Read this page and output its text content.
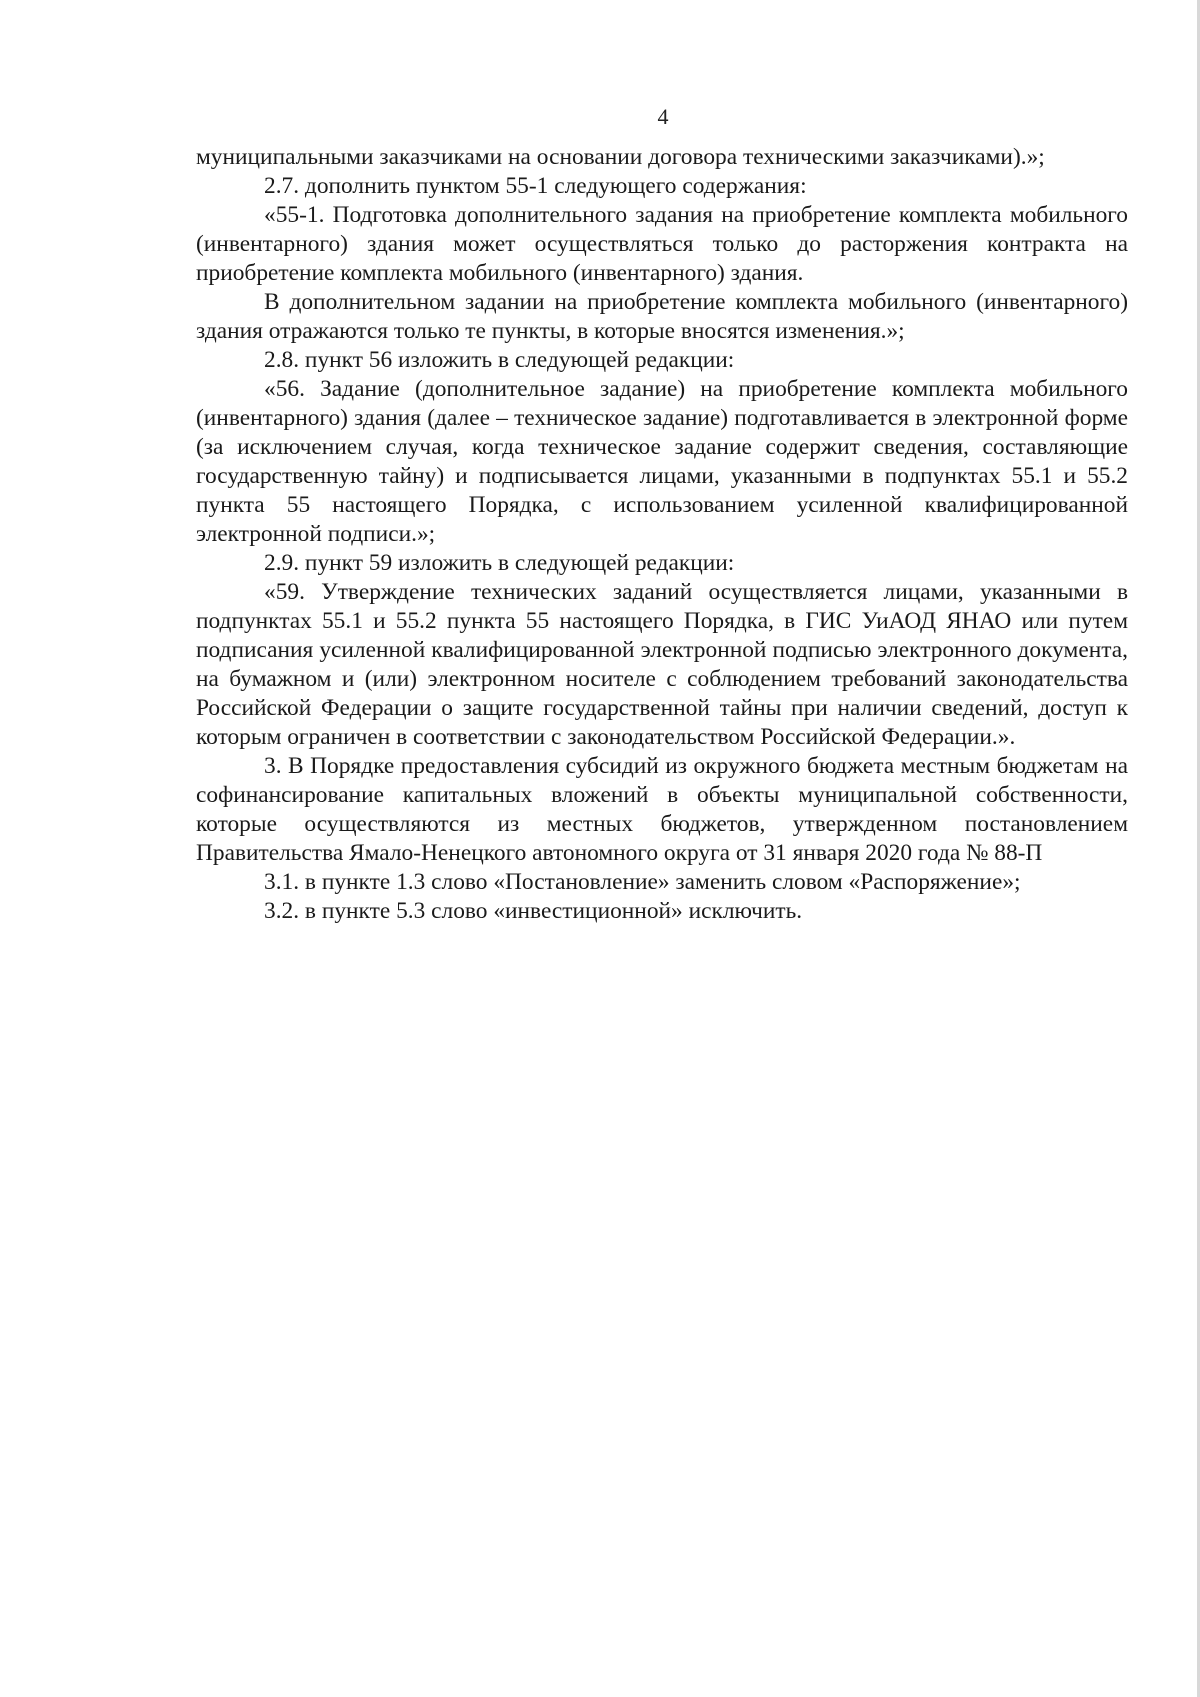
4

муниципальными заказчиками на основании договора техническими заказчиками).»;

2.7. дополнить пунктом 55-1 следующего содержания:

«55-1. Подготовка дополнительного задания на приобретение комплекта мобильного (инвентарного) здания может осуществляться только до расторжения контракта на приобретение комплекта мобильного (инвентарного) здания.

В дополнительном задании на приобретение комплекта мобильного (инвентарного) здания отражаются только те пункты, в которые вносятся изменения.»;

2.8. пункт 56 изложить в следующей редакции:

«56. Задание (дополнительное задание) на приобретение комплекта мобильного (инвентарного) здания (далее – техническое задание) подготавливается в электронной форме (за исключением случая, когда техническое задание содержит сведения, составляющие государственную тайну) и подписывается лицами, указанными в подпунктах 55.1 и 55.2 пункта 55 настоящего Порядка, с использованием усиленной квалифицированной электронной подписи.»;

2.9. пункт 59 изложить в следующей редакции:

«59. Утверждение технических заданий осуществляется лицами, указанными в подпунктах 55.1 и 55.2 пункта 55 настоящего Порядка, в ГИС УиАОД ЯНАО или путем подписания усиленной квалифицированной электронной подписью электронного документа, на бумажном и (или) электронном носителе с соблюдением требований законодательства Российской Федерации о защите государственной тайны при наличии сведений, доступ к которым ограничен в соответствии с законодательством Российской Федерации.».

3. В Порядке предоставления субсидий из окружного бюджета местным бюджетам на софинансирование капитальных вложений в объекты муниципальной собственности, которые осуществляются из местных бюджетов, утвержденном постановлением Правительства Ямало-Ненецкого автономного округа от 31 января 2020 года № 88-П

3.1. в пункте 1.3 слово «Постановление» заменить словом «Распоряжение»;

3.2. в пункте 5.3 слово «инвестиционной» исключить.
